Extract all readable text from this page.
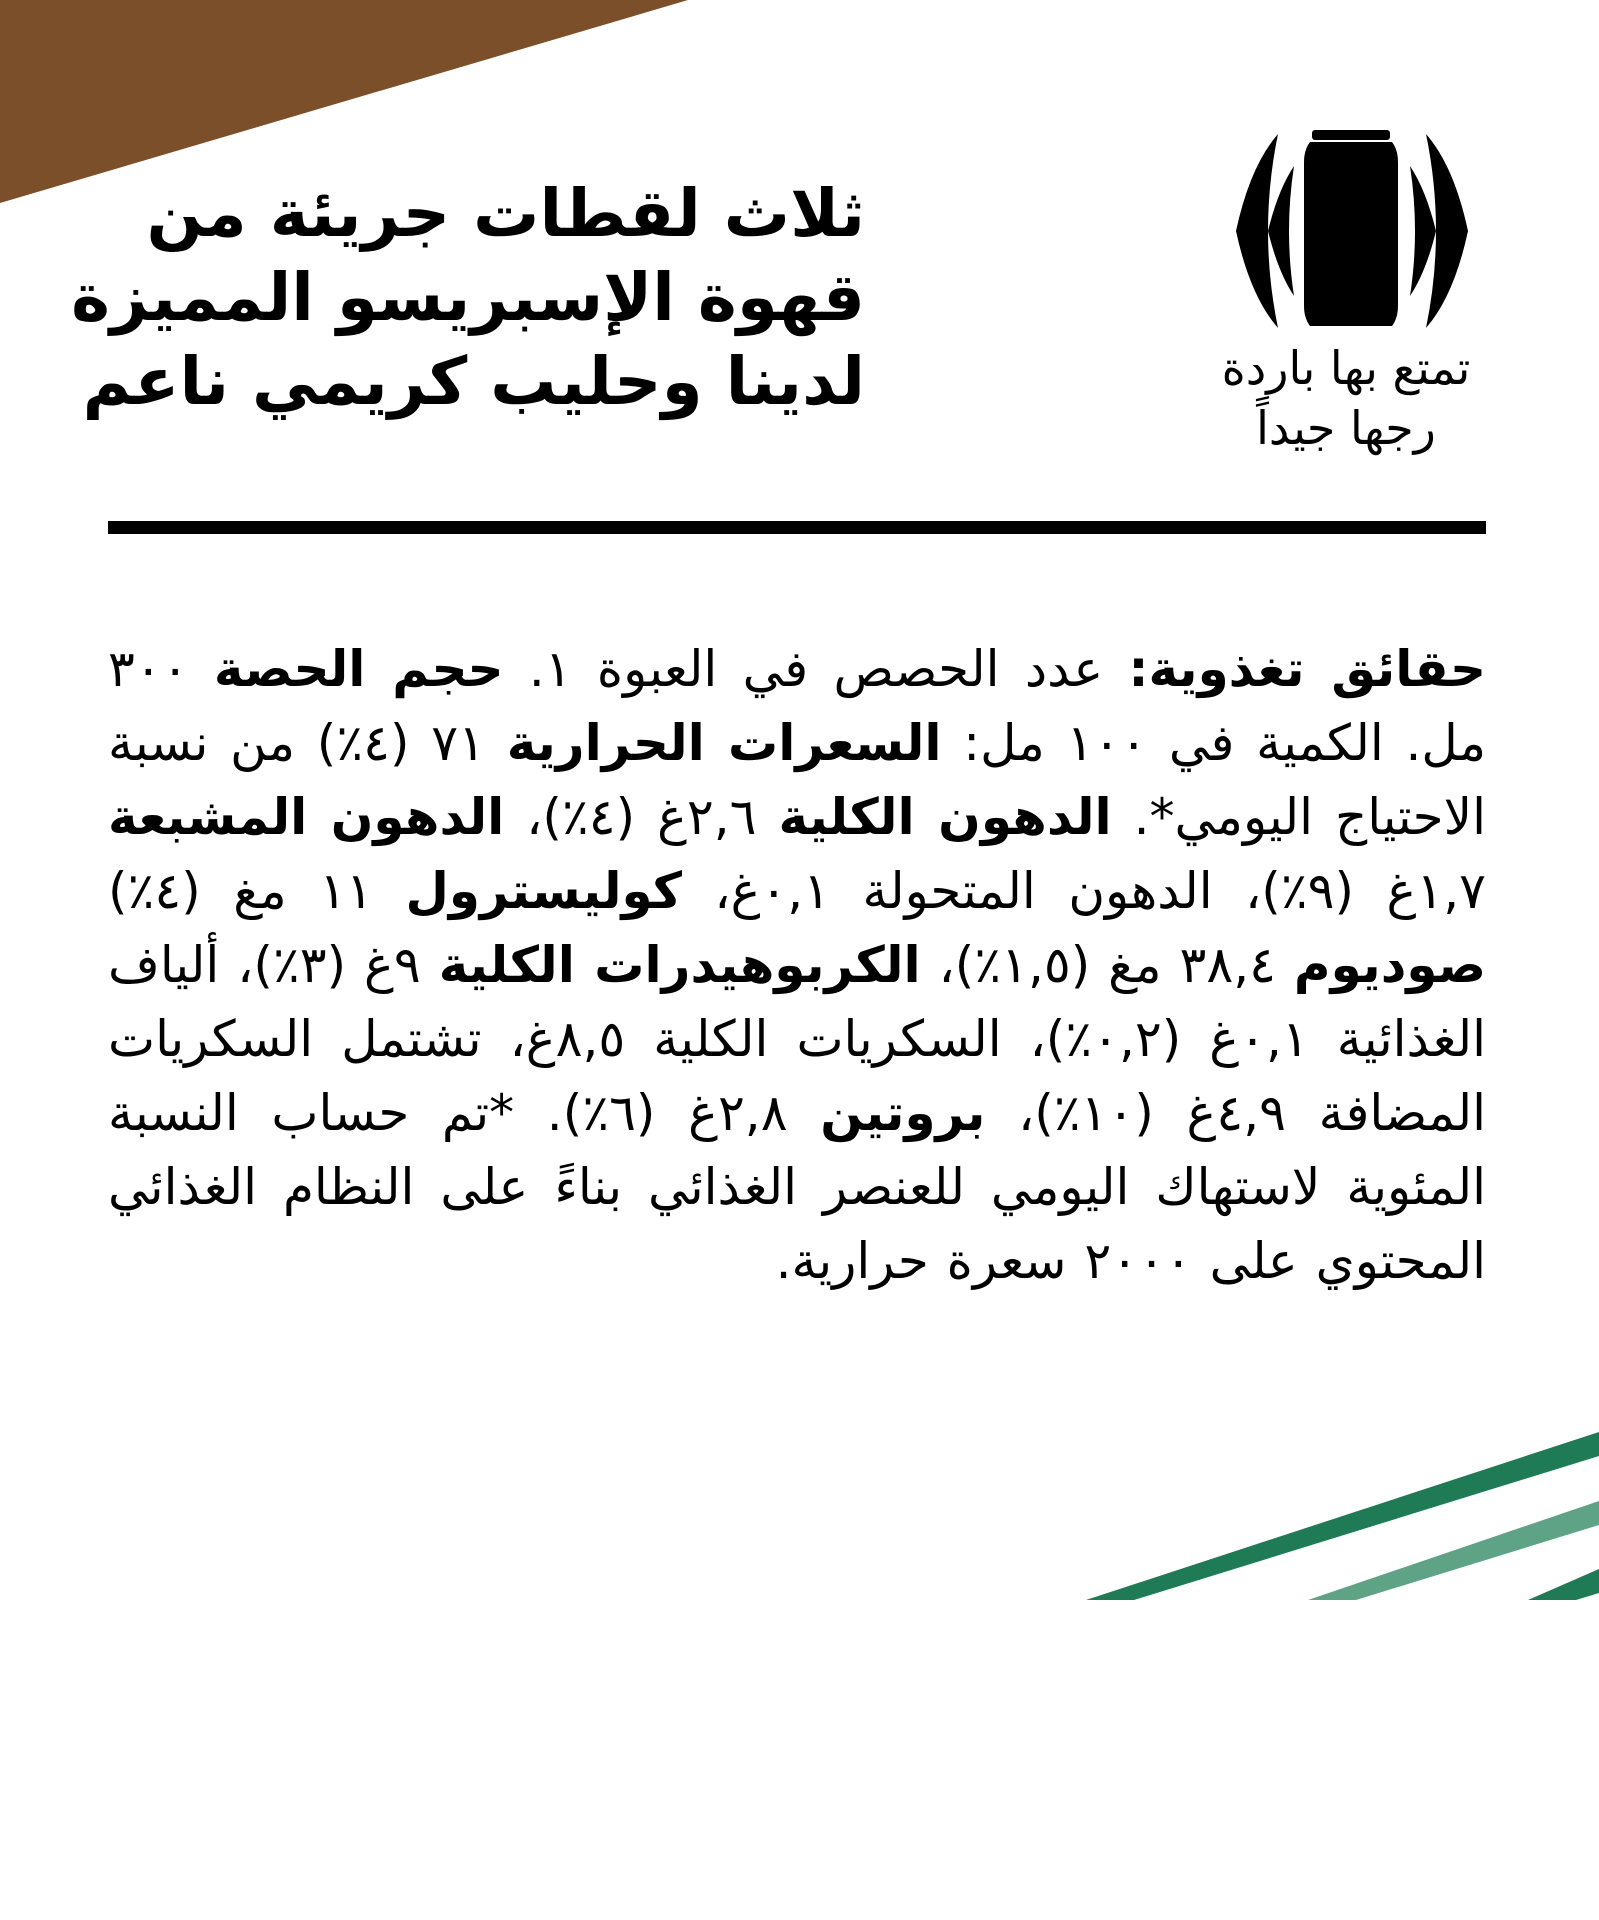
ثلاث لقطات جريئة من
قهوة الإسبريسو المميزة
لدينا وحليب كريمي ناعم	تمتع بها باردة
رجها جيداً

حقائق تغذوية: عدد الحصص في العبوة ١. حجم الحصة ٣٠٠ مل. الكمية في ١٠٠ مل: السعرات الحرارية ٧١ (٤٪) من نسبة الاحتياج اليومي*. الدهون الكلية ٢,٦غ (٤٪)، الدهون المشبعة ١,٧غ (٩٪)، الدهون المتحولة ٠,١غ، كوليسترول ١١ مغ (٤٪) صوديوم ٣٨,٤ مغ (١,٥٪)، الكربوهيدرات الكلية ٩غ (٣٪)، ألياف الغذائية ٠,١غ (٠,٢٪)، السكريات الكلية ٨,٥غ، تشتمل السكريات المضافة ٤,٩غ (١٠٪)، بروتين ٢,٨غ (٦٪). *تم حساب النسبة المئوية لاستهاك اليومي للعنصر الغذائي بناءً على النظام الغذائي المحتوي على ٢٠٠٠ سعرة حرارية.
